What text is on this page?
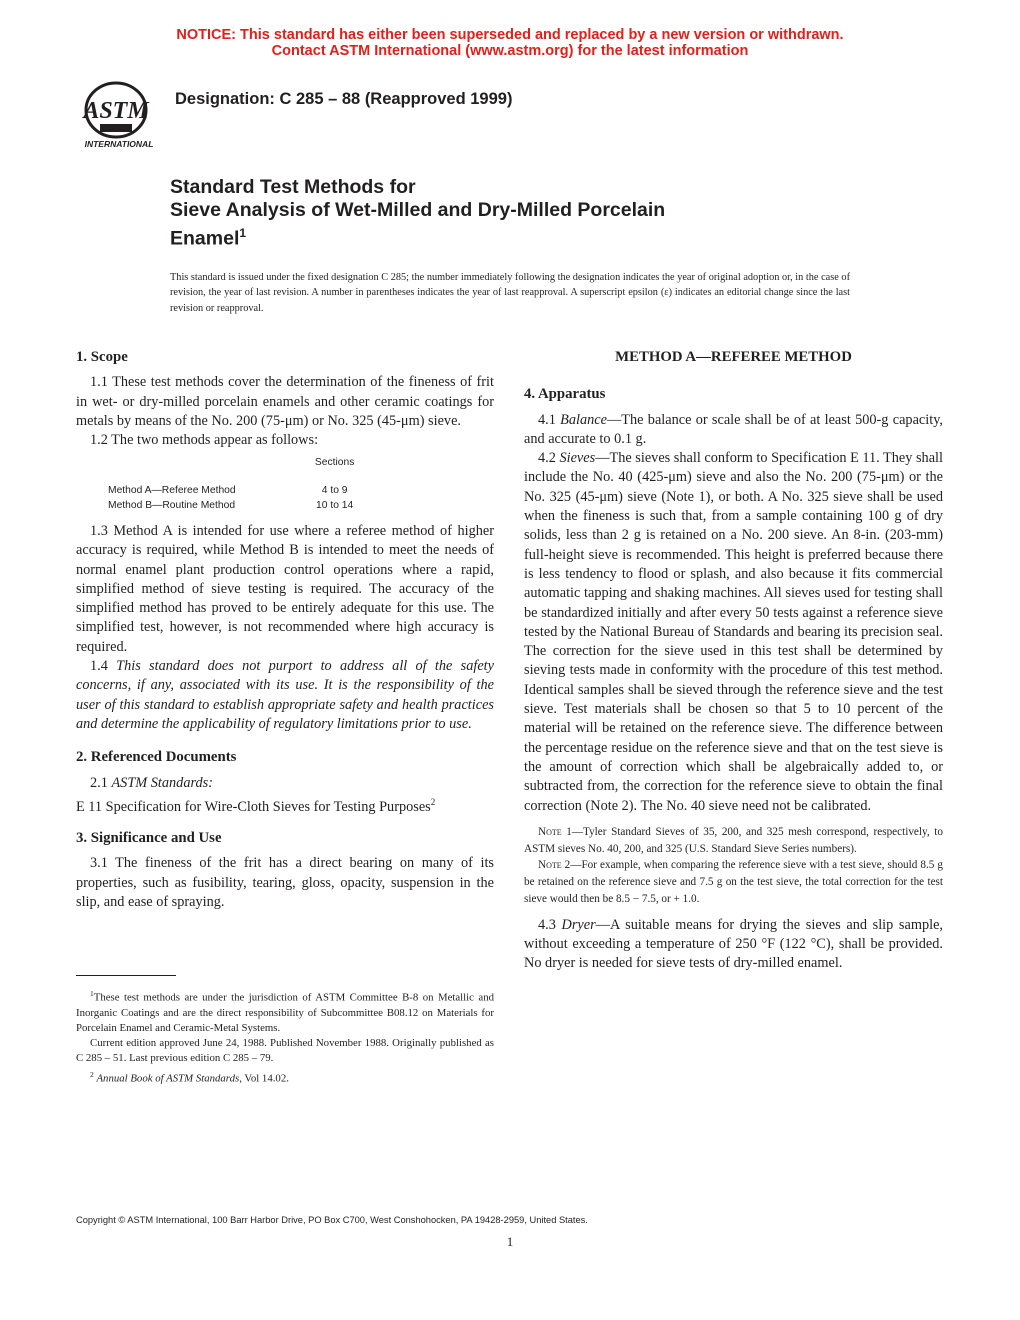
NOTICE: This standard has either been superseded and replaced by a new version or withdrawn.
Contact ASTM International (www.astm.org) for the latest information
ASTM
INTERNATIONAL
Designation: C 285 – 88 (Reapproved 1999)
Standard Test Methods for
Sieve Analysis of Wet-Milled and Dry-Milled Porcelain
Enamel$^1$
This standard is issued under the fixed designation C 285; the number immediately following the designation indicates the year of original adoption or, in the case of revision, the year of last revision. A number in parentheses indicates the year of last reapproval. A superscript epsilon (ε) indicates an editorial change since the last revision or reapproval.
1. Scope

1.1 These test methods cover the determination of the fineness of frit in wet- or dry-milled porcelain enamels and other ceramic coatings for metals by means of the No. 200 (75-μm) or No. 325 (45-μm) sieve.

1.2 The two methods appear as follows:

	Sections

Method A—Referee Method	4 to 9
Method B—Routine Method	10 to 14

1.3 Method A is intended for use where a referee method of higher accuracy is required, while Method B is intended to meet the needs of normal enamel plant production control operations where a rapid, simplified method of sieve testing is required. The accuracy of the simplified method has proved to be entirely adequate for this use. The simplified test, however, is not recommended where high accuracy is required.

1.4 This standard does not purport to address all of the safety concerns, if any, associated with its use. It is the responsibility of the user of this standard to establish appropriate safety and health practices and determine the applicability of regulatory limitations prior to use.

2. Referenced Documents

2.1 ASTM Standards:

E 11 Specification for Wire-Cloth Sieves for Testing Purposes$^2$

3. Significance and Use

3.1 The fineness of the frit has a direct bearing on many of its properties, such as fusibility, tearing, gloss, opacity, suspension in the slip, and ease of spraying.

$^1$These test methods are under the jurisdiction of ASTM Committee B-8 on Metallic and Inorganic Coatings and are the direct responsibility of Subcommittee B08.12 on Materials for Porcelain Enamel and Ceramic-Metal Systems.

Current edition approved June 24, 1988. Published November 1988. Originally published as C 285 – 51. Last previous edition C 285 – 79.

$^2$ Annual Book of ASTM Standards, Vol 14.02.

METHOD A—REFEREE METHOD
4. Apparatus

4.1 Balance—The balance or scale shall be of at least 500-g capacity, and accurate to 0.1 g.

4.2 Sieves—The sieves shall conform to Specification E 11. They shall include the No. 40 (425-μm) sieve and also the No. 200 (75-μm) or the No. 325 (45-μm) sieve (Note 1), or both. A No. 325 sieve shall be used when the fineness is such that, from a sample containing 100 g of dry solids, less than 2 g is retained on a No. 200 sieve. An 8-in. (203-mm) full-height sieve is recommended. This height is preferred because there is less tendency to flood or splash, and also because it fits commercial automatic tapping and shaking machines. All sieves used for testing shall be standardized initially and after every 50 tests against a reference sieve tested by the National Bureau of Standards and bearing its precision seal. The correction for the sieve used in this test shall be determined by sieving tests made in conformity with the procedure of this test method. Identical samples shall be sieved through the reference sieve and the test sieve. Test materials shall be chosen so that 5 to 10 percent of the material will be retained on the reference sieve. The difference between the percentage residue on the reference sieve and that on the test sieve is the amount of correction which shall be algebraically added to, or subtracted from, the correction for the reference sieve to obtain the final correction (Note 2). The No. 40 sieve need not be calibrated.

Note 1—Tyler Standard Sieves of 35, 200, and 325 mesh correspond, respectively, to ASTM sieves No. 40, 200, and 325 (U.S. Standard Sieve Series numbers).

Note 2—For example, when comparing the reference sieve with a test sieve, should 8.5 g be retained on the reference sieve and 7.5 g on the test sieve, the total correction for the test sieve would then be 8.5 − 7.5, or + 1.0.

4.3 Dryer—A suitable means for drying the sieves and slip sample, without exceeding a temperature of 250 °F (122 °C), shall be provided. No dryer is needed for sieve tests of dry-milled enamel.

Copyright © ASTM International, 100 Barr Harbor Drive, PO Box C700, West Conshohocken, PA 19428-2959, United States.
1
